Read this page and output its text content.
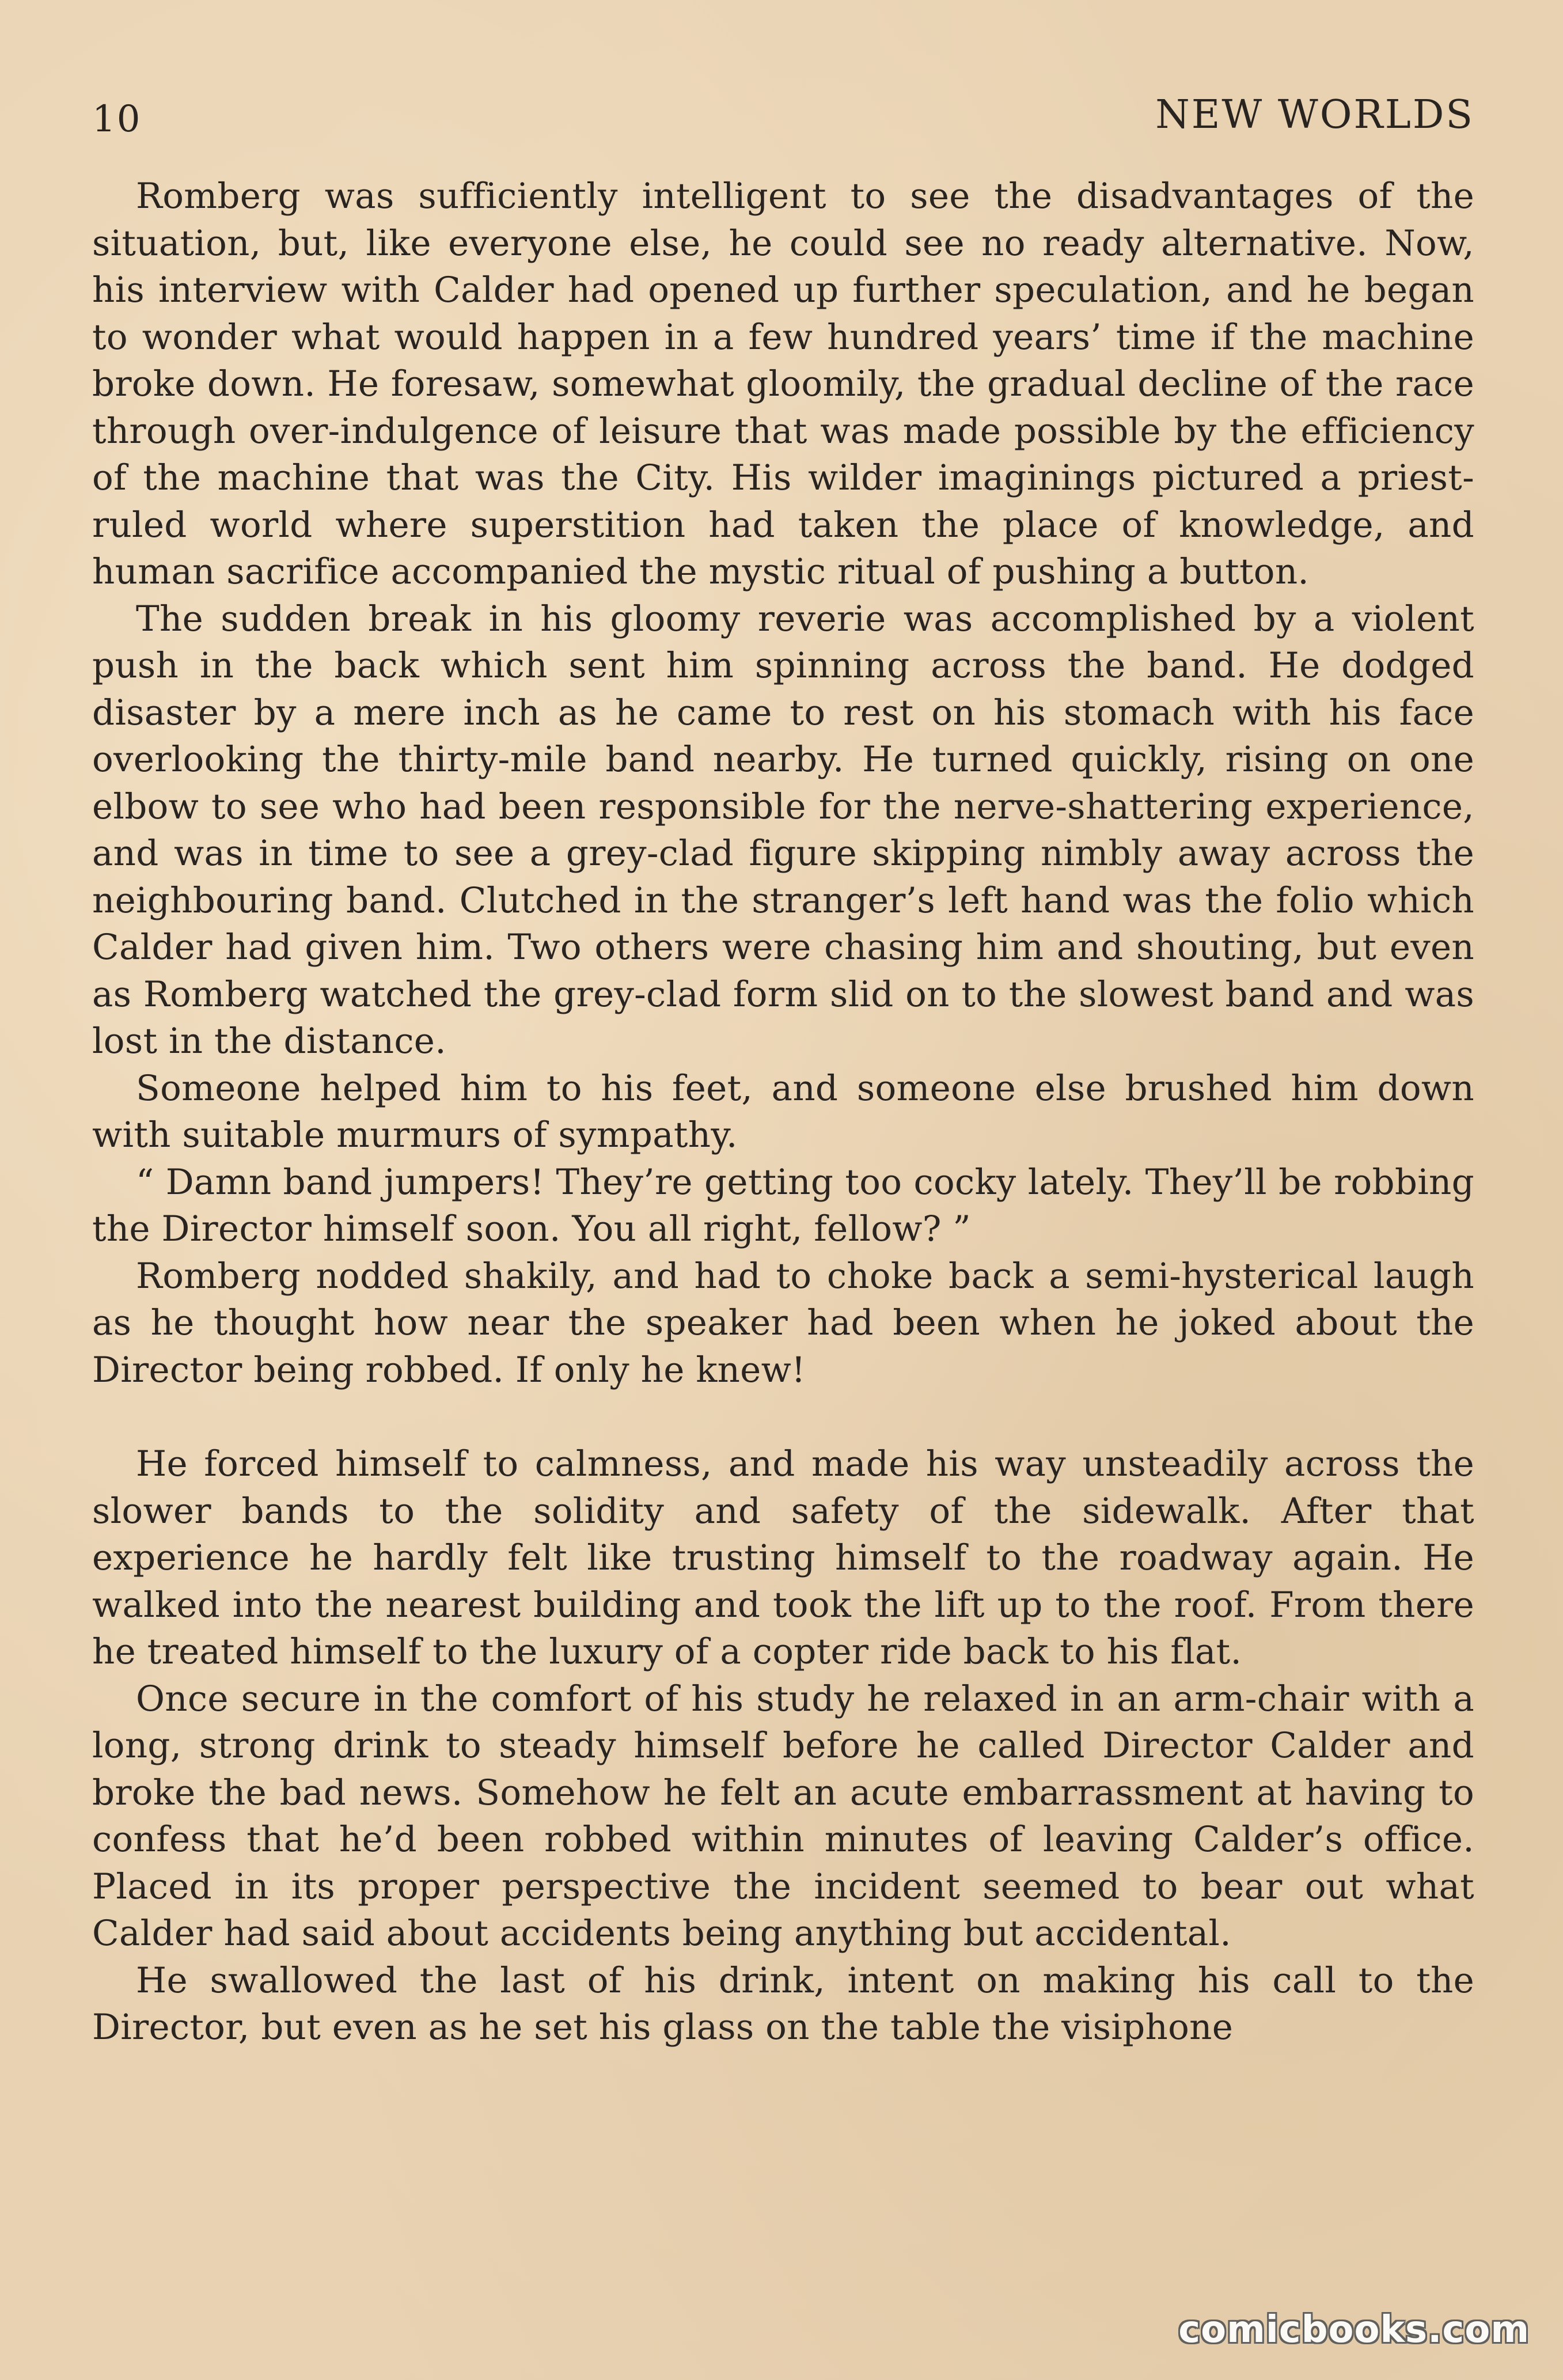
10	NEW WORLDS

Romberg was sufficiently intelligent to see the disadvantages of the situation, but, like everyone else, he could see no ready alternative. Now, his interview with Calder had opened up further speculation, and he began to wonder what would happen in a few hundred years’ time if the machine broke down. He foresaw, somewhat gloomily, the gradual decline of the race through over-indulgence of leisure that was made possible by the efficiency of the machine that was the City. His wilder imaginings pictured a priest-ruled world where superstition had taken the place of knowledge, and human sacrifice accompanied the mystic ritual of pushing a button.

The sudden break in his gloomy reverie was accomplished by a violent push in the back which sent him spinning across the band. He dodged disaster by a mere inch as he came to rest on his stomach with his face overlooking the thirty-mile band nearby. He turned quickly, rising on one elbow to see who had been responsible for the nerve-shattering experience, and was in time to see a grey-clad figure skipping nimbly away across the neighbouring band. Clutched in the stranger’s left hand was the folio which Calder had given him. Two others were chasing him and shouting, but even as Romberg watched the grey-clad form slid on to the slowest band and was lost in the distance.

Someone helped him to his feet, and someone else brushed him down with suitable murmurs of sympathy.

“ Damn band jumpers! They’re getting too cocky lately. They’ll be robbing the Director himself soon. You all right, fellow? ”

Romberg nodded shakily, and had to choke back a semi-hysterical laugh as he thought how near the speaker had been when he joked about the Director being robbed. If only he knew!

He forced himself to calmness, and made his way unsteadily across the slower bands to the solidity and safety of the sidewalk. After that experience he hardly felt like trusting himself to the roadway again. He walked into the nearest building and took the lift up to the roof. From there he treated himself to the luxury of a copter ride back to his flat.

Once secure in the comfort of his study he relaxed in an arm-chair with a long, strong drink to steady himself before he called Director Calder and broke the bad news. Somehow he felt an acute embarrassment at having to confess that he’d been robbed within minutes of leaving Calder’s office. Placed in its proper perspective the incident seemed to bear out what Calder had said about accidents being anything but accidental.

He swallowed the last of his drink, intent on making his call to the Director, but even as he set his glass on the table the visiphone

comicbooks.com
